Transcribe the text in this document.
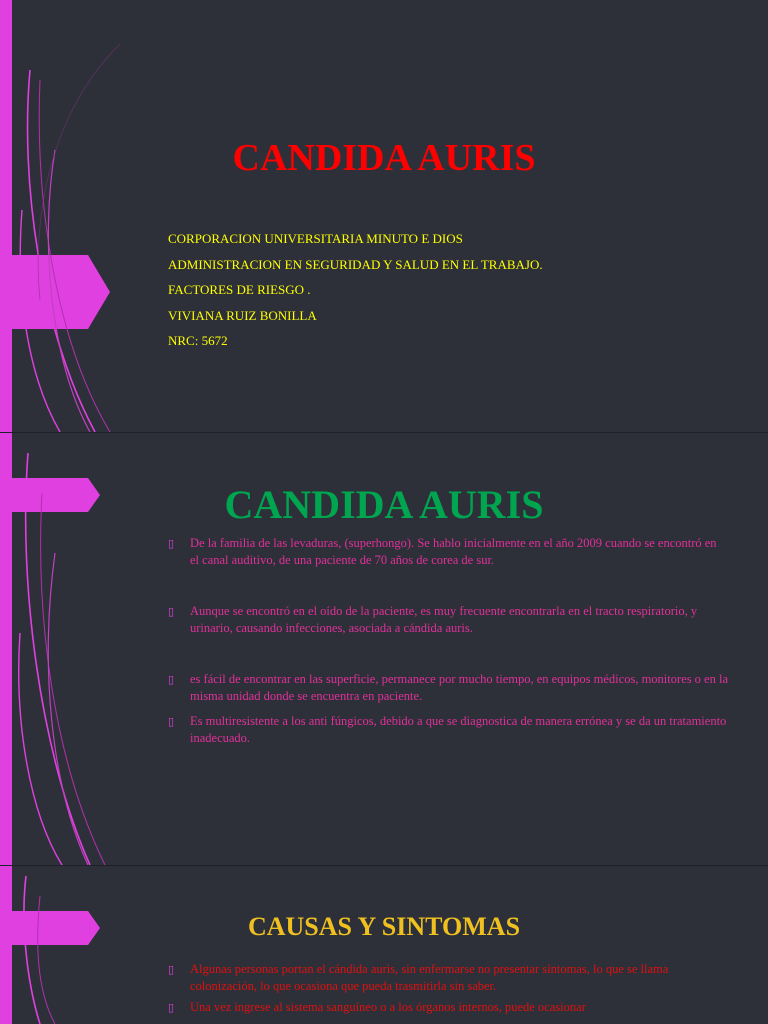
CANDIDA AURIS
CORPORACION UNIVERSITARIA MINUTO E DIOS
ADMINISTRACION EN SEGURIDAD Y SALUD EN EL TRABAJO.
FACTORES DE RIESGO .
VIVIANA RUIZ BONILLA
NRC: 5672
CANDIDA AURIS
▯ De la familia de las levaduras, (superhongo). Se hablo inicialmente en el año 2009 cuando se encontró en el canal auditivo, de una paciente de 70 años de corea de sur.
▯ Aunque se encontró en el oído de la paciente, es muy frecuente encontrarla en el tracto respiratorio, y urinario, causando infecciones, asociada a cándida auris.
▯ es fácil de encontrar en las superficie, permanece por mucho tiempo, en equipos médicos, monitores o en la misma unidad donde se encuentra en paciente.
▯ Es multiresistente a los anti fúngicos, debido a que se diagnostica de manera errónea y se da un tratamiento inadecuado.
CAUSAS Y SINTOMAS
▯ Algunas personas portan el cándida auris, sin enfermarse no presentar síntomas, lo que se llama colonización, lo que ocasiona que pueda trasmitirla sin saber.
▯ Una vez ingrese al sistema sanguíneo o a los órganos internos, puede ocasionar
